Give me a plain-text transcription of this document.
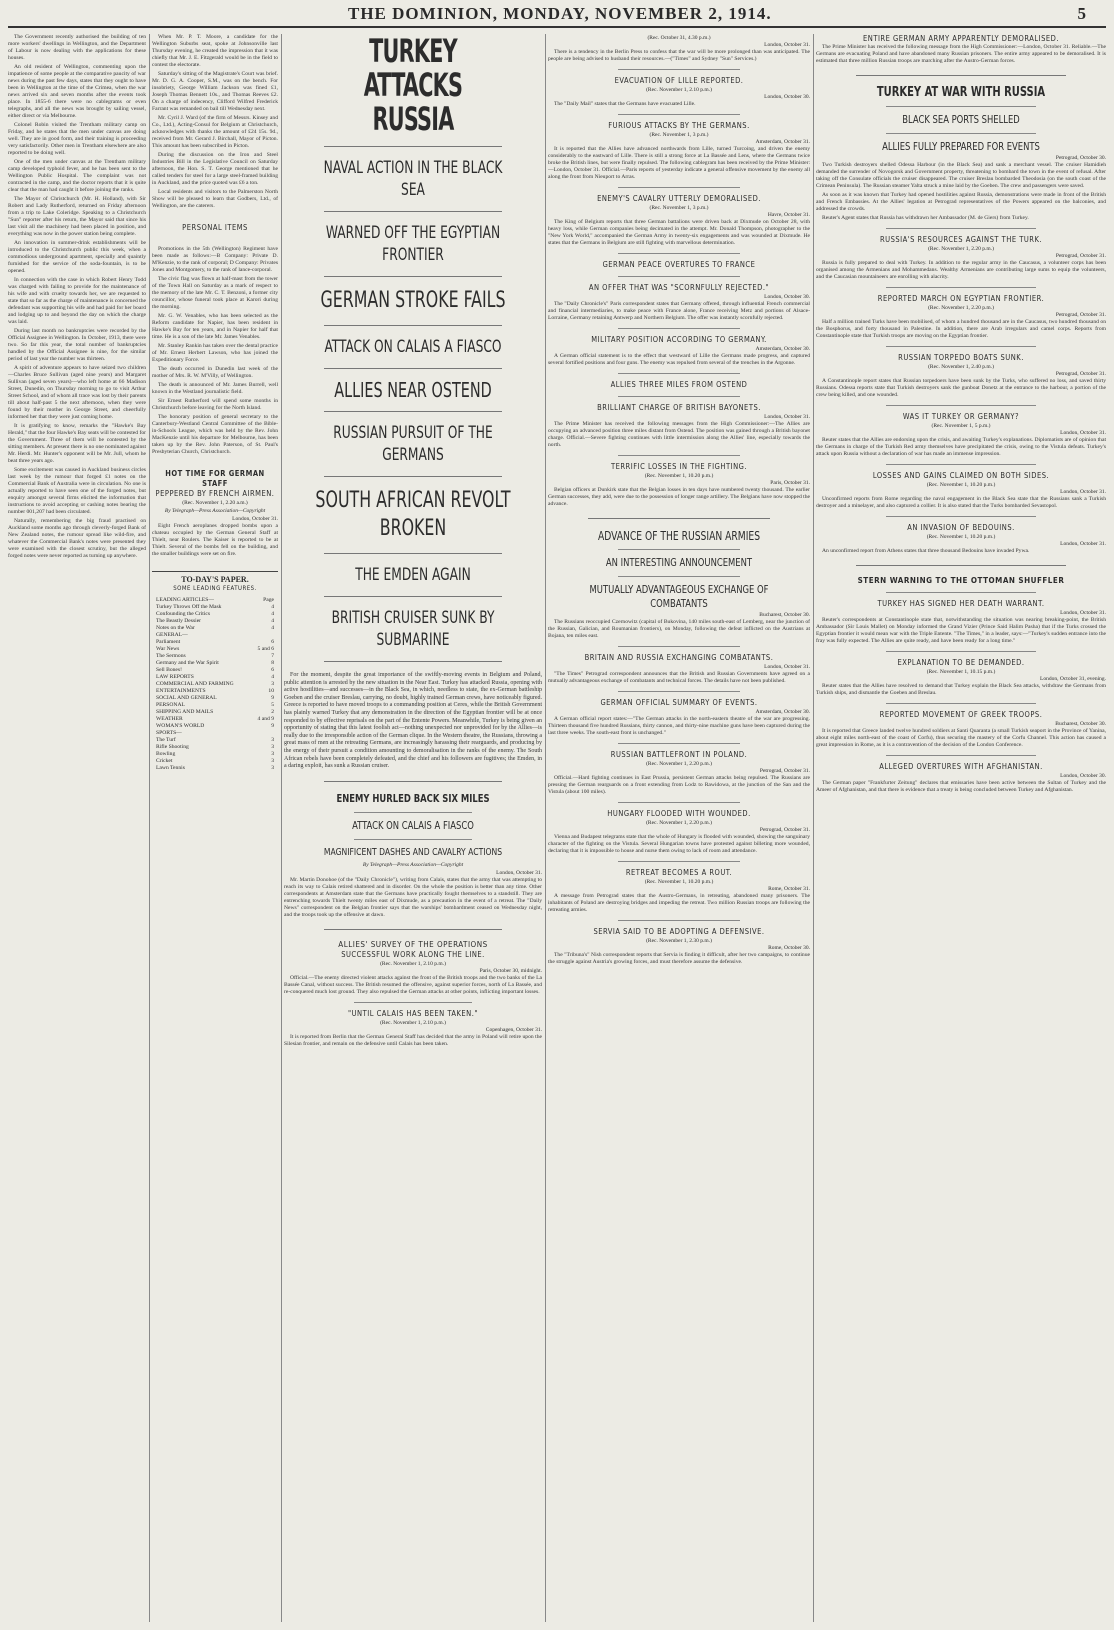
THE DOMINION, MONDAY, NOVEMBER 2, 1914.	5

The Government recently authorised the building of ten more workers' dwellings in Wellington, and the Department of Labour is now dealing with the applications for these houses.

An old resident of Wellington, commenting upon the impatience of some people at the comparative paucity of war news during the past few days, states that they ought to have been in Wellington at the time of the Crimea, when the war news arrived six and seven months after the events took place. In 1855-6 there were no cablegrams or even telegraphs, and all the news was brought by sailing vessel, either direct or via Melbourne.

Colonel Robin visited the Trentham military camp on Friday, and he states that the men under canvas are doing well. They are in good form, and their training is proceeding very satisfactorily. Other men in Trentham elsewhere are also reported to be doing well.

One of the men under canvas at the Trentham military camp developed typhoid fever, and he has been sent to the Wellington Public Hospital. The complaint was not contracted in the camp, and the doctor reports that it is quite clear that the man had caught it before joining the ranks.

The Mayor of Christchurch (Mr. H. Holland), with Sir Robert and Lady Rutherford, returned on Friday afternoon from a trip to Lake Coleridge. Speaking to a Christchurch "Sun" reporter after his return, the Mayor said that since his last visit all the machinery had been placed in position, and everything was now in the power station being complete.

An innovation in summer-drink establishments will be introduced to the Christchurch public this week, when a commodious underground apartment, specially and quaintly furnished for the service of the soda-fountain, is to be opened.

In connection with the case in which Robert Henry Todd was charged with failing to provide for the maintenance of his wife and with cruelty towards her, we are requested to state that so far as the charge of maintenance is concerned the defendant was supporting his wife and had paid for her board and lodging up to and beyond the day on which the charge was laid.

During last month no bankruptcies were recorded by the Official Assignee in Wellington. In October, 1913, there were two. So far this year, the total number of bankruptcies handled by the Official Assignee is nine, for the similar period of last year the number was thirteen.

A spirit of adventure appears to have seized two children—Charles Bruce Sullivan (aged nine years) and Margaret Sullivan (aged seven years)—who left home at 66 Madison Street, Dunedin, on Thursday morning to go to visit Arthur Street School, and of whom all trace was lost by their parents till about half-past 5 the next afternoon, when they were found by their mother in George Street, and cheerfully informed her that they were just coming home.

It is gratifying to know, remarks the "Hawke's Bay Herald," that the four Hawke's Bay seats will be contested for the Government. Three of them will be contested by the sitting members. At present there is no one nominated against Mr. Herdi. Mr. Hunter's opponent will be Mr. Jull, whom he beat three years ago.

Some excitement was caused in Auckland business circles last week by the rumour that forged £1 notes on the Commercial Bank of Australia were in circulation. No one is actually reported to have seen one of the forged notes, but enquiry amongst several firms elicited the information that instructions to avoid accepting or cashing notes bearing the number 001,207 had been circulated.

Naturally, remembering the big fraud practised on Auckland some months ago through cleverly-forged Bank of New Zealand notes, the rumour spread like wild-fire, and whatever the Commercial Bank's notes were presented they were examined with the closest scrutiny, but the alleged forged notes were never reported as turning up anywhere.

When Mr. P. T. Moore, a candidate for the Wellington Suburbs seat, spoke at Johnsonville last Thursday evening, he created the impression that it was chiefly that Mr. J. E. Fitzgerald would be in the field to contest the electorate.

Saturday's sitting of the Magistrate's Court was brief. Mr. D. G. A. Cooper, S.M., was on the bench. For insobriety, George William Jackson was fined £1, Joseph Thomas Bennett 10s., and Thomas Reeves £2. On a charge of indecency, Clifford Wilfred Frederick Farrant was remanded on bail till Wednesday next.

Mr. Cyril J. Ward (of the firm of Messrs. Kinsey and Co., Ltd.), Acting-Consul for Belgium at Christchurch, acknowledges with thanks the amount of £24 15s. 9d., received from Mr. Gerard J. Birchall, Mayor of Picton. This amount has been subscribed in Picton.

During the discussion on the Iron and Steel Industries Bill in the Legislative Council on Saturday afternoon, the Hon. S. T. George mentioned that he called tenders for steel for a large steel-framed building in Auckland, and the price quoted was £6 a ton.

Local residents and visitors to the Palmerston North Show will be pleased to learn that Godbers, Ltd., of Wellington, are the caterers.

PERSONAL ITEMS

Promotions in the 5th (Wellington) Regiment have been made as follows:—B Company: Private D. M'Kenzie, to the rank of corporal; D Company: Privates Jones and Montgomery, to the rank of lance-corporal.

The civic flag was flown at half-mast from the tower of the Town Hall on Saturday as a mark of respect to the memory of the late Mr. C. T. Benzoni, a former city councillor, whose funeral took place at Karori during the morning.

Mr. G. W. Venables, who has been selected as the Reform candidate for Napier, has been resident in Hawke's Bay for ten years, and in Napier for half that time. He is a son of the late Mr. James Venables.

Mr. Stanley Rankin has taken over the dental practice of Mr. Ernest Herbert Lawson, who has joined the Expeditionary Force.

The death occurred in Dunedin last week of the mother of Mrs. R. W. M'Villy, of Wellington.

The death is announced of Mr. James Burrell, well known in the Westland journalistic field.

Sir Ernest Rutherford will spend some months in Christchurch before leaving for the North Island.

The honorary position of general secretary to the Canterbury-Westland Central Committee of the Bible-in-Schools League, which was held by the Rev. John MacKenzie until his departure for Melbourne, has been taken up by the Rev. John Paterson, of St. Paul's Presbyterian Church, Christchurch.

HOT TIME FOR GERMAN STAFF
PEPPERED BY FRENCH AIRMEN.
(Rec. November 1, 2.20 a.m.)
By Telegraph—Press Association—Copyright
London, October 31.

Eight French aeroplanes dropped bombs upon a chateau occupied by the German General Staff at Thielt, near Roulers. The Kaiser is reported to be at Thielt. Several of the bombs fell on the building, and the smaller buildings were set on fire.

TO-DAY'S PAPER.
SOME LEADING FEATURES.
LEADING ARTICLES—	Page
Turkey Throws Off the Mask	4
Confounding the Critics	4
The Beastly Dessier	4
Notes on the War	4
GENERAL—
Parliament	6
War News	5 and 6
The Sermons	7
Germany and the War Spirit	8
Sell Bones!	6
LAW REPORTS	4
COMMERCIAL AND FARMING	3
ENTERTAINMENTS	10
SOCIAL AND GENERAL	9
PERSONAL	5
SHIPPING AND MAILS	2
WEATHER	4 and 9
WOMAN'S WORLD	9
SPORTS—
The Turf	3
Rifle Shooting	3
Bowling	3
Cricket	3
Lawn Tennis	3
TURKEY ATTACKS RUSSIA
NAVAL ACTION IN THE BLACK SEA
WARNED OFF THE EGYPTIAN FRONTIER
GERMAN STROKE FAILS
ATTACK ON CALAIS A FIASCO
ALLIES NEAR OSTEND
RUSSIAN PURSUIT OF THE GERMANS
SOUTH AFRICAN REVOLT BROKEN
THE EMDEN AGAIN
BRITISH CRUISER SUNK BY SUBMARINE

For the moment, despite the great importance of the swiftly-moving events in Belgium and Poland, public attention is arrested by the new situation in the Near East. Turkey has attacked Russia, opening with active hostilities—and successes—in the Black Sea, in which, needless to state, the ex-German battleship Goeben and the cruiser Breslau, carrying, no doubt, highly trained German crews, have noticeably figured. Greece is reported to have moved troops to a commanding position at Ceres, while the British Government has plainly warned Turkey that any demonstration in the direction of the Egyptian frontier will be at once responded to by effective reprisals on the part of the Entente Powers. Meanwhile, Turkey is being given an opportunity of stating that this latest foolish act—nothing unexpected nor unprovided for by the Allies—is really due to the irresponsible action of the German clique. In the Western theatre, the Russians, throwing a great mass of men at the retreating Germans, are increasingly harassing their rearguards, and producing by the energy of their pursuit a condition amounting to demoralisation in the ranks of the enemy. The South African rebels have been completely defeated, and the chief and his followers are fugitives; the Emden, in a daring exploit, has sunk a Russian cruiser.

ENEMY HURLED BACK SIX MILES
ATTACK ON CALAIS A FIASCO
MAGNIFICENT DASHES AND CAVALRY ACTIONS
By Telegraph—Press Association—Copyright
London, October 31.

Mr. Martin Donohoe (of the "Daily Chronicle"), writing from Calais, states that the army that was attempting to reach its way to Calais retired shattered and in disorder. On the whole the position is better than any time. Other correspondents at Amsterdam state that the Germans have practically fought themselves to a standstill. They are entrenching towards Thielt twenty miles east of Dixmude, as a precaution in the event of a retreat. The "Daily News" correspondent on the Belgian frontier says that the warships' bombardment ceased on Wednesday night, and the troops took up the offensive at dawn.

ALLIES' SURVEY OF THE OPERATIONS
SUCCESSFUL WORK ALONG THE LINE.
(Rec. November 1, 2.10 p.m.)
Paris, October 30, midnight.

Official.—The enemy directed violent attacks against the front of the British troops and the two banks of the La Bassée Canal, without success. The British resumed the offensive, against superior forces, north of La Bassée, and re-conquered much lost ground. They also repulsed the German attacks at other points, inflicting important losses.

"UNTIL CALAIS HAS BEEN TAKEN."
(Rec. November 1, 2.10 p.m.)
Copenhagen, October 31.

It is reported from Berlin that the German General Staff has decided that the army in Poland will retire upon the Silesian frontier, and remain on the defensive until Calais has been taken.

(Rec. October 31, 4.30 p.m.)
London, October 31.

There is a tendency in the Berlin Press to confess that the war will be more prolonged than was anticipated. The people are being advised to husband their resources.—("Times" and Sydney "Sun" Services.)

EVACUATION OF LILLE REPORTED.
(Rec. November 1, 2.10 p.m.)
London, October 30.

The "Daily Mail" states that the Germans have evacuated Lille.

FURIOUS ATTACKS BY THE GERMANS.
(Rec. November 1, 3 p.m.)
Amsterdam, October 31.

It is reported that the Allies have advanced northwards from Lille, turned Turcoing, and driven the enemy considerably to the eastward of Lille. There is still a strong force at La Bassée and Lens, where the Germans twice broke the British lines, but were finally repulsed. The following cablegram has been received by the Prime Minister:—London, October 31. Official.—Paris reports of yesterday indicate a general offensive movement by the enemy all along the front from Nieuport to Arras.

ENEMY'S CAVALRY UTTERLY DEMORALISED.
(Rec. November 1, 3 p.m.)
Havre, October 31.

The King of Belgium reports that three German battalions were driven back at Dixmude on October 28, with heavy loss, while German companies being decimated in the attempt. Mr. Donald Thompson, photographer to the "New York World," accompanied the German Army in twenty-six engagements and was wounded at Dixmude. He states that the Germans in Belgium are still fighting with marvellous determination.

GERMAN PEACE OVERTURES TO FRANCE
AN OFFER THAT WAS "SCORNFULLY REJECTED."
London, October 30.

The "Daily Chronicle's" Paris correspondent states that Germany offered, through influential French commercial and financial intermediaries, to make peace with France alone, France receiving Metz and portions of Alsace-Lorraine, Germany retaining Antwerp and Northern Belgium. The offer was instantly scornfully rejected.

MILITARY POSITION ACCORDING TO GERMANY.
Amsterdam, October 30.

A German official statement is to the effect that westward of Lille the Germans made progress, and captured several fortified positions and four guns. The enemy was repulsed from several of the trenches in the Argonne.

ALLIES THREE MILES FROM OSTEND
BRILLIANT CHARGE OF BRITISH BAYONETS.
London, October 31.

The Prime Minister has received the following messages from the High Commissioner:—The Allies are occupying an advanced position three miles distant from Ostend. The position was gained through a British bayonet charge. Official.—Severe fighting continues with little intermission along the Allies' line, especially towards the north.

TERRIFIC LOSSES IN THE FIGHTING.
(Rec. November 1, 10.20 p.m.)
Paris, October 31.

Belgian officers at Dunkirk state that the Belgian losses in ten days have numbered twenty thousand. The earlier German successes, they add, were due to the possession of longer range artillery. The Belgians have now stopped the advance.

ADVANCE OF THE RUSSIAN ARMIES
AN INTERESTING ANNOUNCEMENT
MUTUALLY ADVANTAGEOUS EXCHANGE OF COMBATANTS
Bucharest, October 30.

The Russians reoccupied Czernowitz (capital of Bukovina, 140 miles south-east of Lemberg, near the junction of the Russian, Galician, and Roumanian frontiers), on Monday, following the defeat inflicted on the Austrians at Bojana, ten miles east.

BRITAIN AND RUSSIA EXCHANGING COMBATANTS.
London, October 31.

"The Times" Petrograd correspondent announces that the British and Russian Governments have agreed on a mutually advantageous exchange of combatants and technical forces. The details have not been published.

GERMAN OFFICIAL SUMMARY OF EVENTS.
Amsterdam, October 30.

A German official report states:—"The German attacks in the north-eastern theatre of the war are progressing. Thirteen thousand five hundred Russians, thirty cannon, and thirty-nine machine guns have been captured during the last three weeks. The south-east front is unchanged."

RUSSIAN BATTLEFRONT IN POLAND.
(Rec. November 1, 2.20 p.m.)
Petrograd, October 31.

Official.—Hard fighting continues in East Prussia, persistent German attacks being repulsed. The Russians are pressing the German rearguards on a front extending from Lodz to Rawidowa, at the junction of the San and the Vistula (about 100 miles).

HUNGARY FLOODED WITH WOUNDED.
(Rec. November 1, 2.20 p.m.)
Petrograd, October 31.

Vienna and Budapest telegrams state that the whole of Hungary is flooded with wounded, showing the sanguinary character of the fighting on the Vistula. Several Hungarian towns have protested against billeting more wounded, declaring that it is impossible to house and nurse them owing to lack of room and attendance.

RETREAT BECOMES A ROUT.
(Rec. November 1, 10.20 p.m.)
Rome, October 31.

A message from Petrograd states that the Austro-Germans, in retreating, abandoned many prisoners. The inhabitants of Poland are destroying bridges and impeding the retreat. Two million Russian troops are following the retreating armies.

SERVIA SAID TO BE ADOPTING A DEFENSIVE.
(Rec. November 1, 2.30 p.m.)
Rome, October 30.

The "Tribuna's" Nish correspondent reports that Servia is finding it difficult, after her two campaigns, to continue the struggle against Austria's growing forces, and must therefore assume the defensive.

ENTIRE GERMAN ARMY APPARENTLY DEMORALISED.

The Prime Minister has received the following message from the High Commissioner:—London, October 31. Reliable.—The Germans are evacuating Poland and have abandoned many Russian prisoners. The entire army appeared to be demoralised. It is estimated that three million Russian troops are marching after the Austro-German forces.

TURKEY AT WAR WITH RUSSIA
BLACK SEA PORTS SHELLED
ALLIES FULLY PREPARED FOR EVENTS
Petrograd, October 30.

Two Turkish destroyers shelled Odessa Harbour (in the Black Sea) and sank a merchant vessel. The cruiser Hamidieh demanded the surrender of Novogorsk and Government property, threatening to bombard the town in the event of refusal. After taking off the Consulate officials the cruiser disappeared. The cruiser Breslau bombarded Theodosia (on the south coast of the Crimean Peninsula). The Russian steamer Yalta struck a mine laid by the Goeben. The crew and passengers were saved.

As soon as it was known that Turkey had opened hostilities against Russia, demonstrations were made in front of the British and French Embassies. At the Allies' legation at Petrograd representatives of the Powers appeared on the balconies, and addressed the crowds.

Reuter's Agent states that Russia has withdrawn her Ambassador (M. de Giers) from Turkey.

RUSSIA'S RESOURCES AGAINST THE TURK.
(Rec. November 1, 2.20 p.m.)
Petrograd, October 31.

Russia is fully prepared to deal with Turkey. In addition to the regular army in the Caucasus, a volunteer corps has been organised among the Armenians and Mohammedans. Wealthy Armenians are contributing large sums to equip the volunteers, and the Caucasian mountaineers are enrolling with alacrity.

REPORTED MARCH ON EGYPTIAN FRONTIER.
(Rec. November 1, 2.20 p.m.)
Petrograd, October 31.

Half a million trained Turks have been mobilised, of whom a hundred thousand are in the Caucasus, two hundred thousand on the Bosphorus, and forty thousand in Palestine. In addition, there are Arab irregulars and camel corps. Reports from Constantinople state that Turkish troops are moving on the Egyptian frontier.

RUSSIAN TORPEDO BOATS SUNK.
(Rec. November 1, 2.40 p.m.)
Petrograd, October 31.

A Constantinople report states that Russian torpedoers have been sunk by the Turks, who suffered no loss, and saved thirty Russians. Odessa reports state that Turkish destroyers sank the gunboat Donetz at the entrance to the harbour, a portion of the crew being killed, and one wounded.

WAS IT TURKEY OR GERMANY?
(Rec. November 1, 5 p.m.)
London, October 31.

Reuter states that the Allies are endorsing upon the crisis, and awaiting Turkey's explanations. Diplomatists are of opinion that the Germans in charge of the Turkish Red army themselves have precipitated the crisis, owing to the Vistula defeats. Turkey's attack upon Russia without a declaration of war has made an immense impression.

LOSSES AND GAINS CLAIMED ON BOTH SIDES.
(Rec. November 1, 10.20 p.m.)
London, October 31.

Unconfirmed reports from Rome regarding the naval engagement in the Black Sea state that the Russians sank a Turkish destroyer and a minelayer, and also captured a collier. It is also stated that the Turks bombarded Sevastopol.

AN INVASION OF BEDOUINS.
(Rec. November 1, 10.20 p.m.)
London, October 31.

An unconfirmed report from Athens states that three thousand Bedouins have invaded Pywa.

STERN WARNING TO THE OTTOMAN SHUFFLER
TURKEY HAS SIGNED HER DEATH WARRANT.
London, October 31.

Reuter's correspondents at Constantinople state that, notwithstanding the situation was nearing breaking-point, the British Ambassador (Sir Louis Mallet) on Monday informed the Grand Vizier (Prince Said Halim Pasha) that if the Turks crossed the Egyptian frontier it would mean war with the Triple Entente. "The Times," in a leader, says:—"Turkey's sudden entrance into the fray was fully expected. The Allies are quite ready, and have been ready for a long time."

EXPLANATION TO BE DEMANDED.
(Rec. November 1, 10.15 p.m.)
London, October 31, evening.

Reuter states that the Allies have resolved to demand that Turkey explain the Black Sea attacks, withdraw the Germans from Turkish ships, and dismantle the Goeben and Breslau.

REPORTED MOVEMENT OF GREEK TROOPS.
Bucharest, October 30.

It is reported that Greece landed twelve hundred soldiers at Santi Quaranta (a small Turkish seaport in the Province of Yanina, about eight miles north-east of the coast of Corfu), thus securing the mastery of the Corfu Channel. This action has caused a great impression in Rome, as it is a contravention of the decision of the London Conference.

ALLEGED OVERTURES WITH AFGHANISTAN.
London, October 30.

The German paper "Frankfurter Zeitung" declares that emissaries have been active between the Sultan of Turkey and the Ameer of Afghanistan, and that there is evidence that a treaty is being concluded between Turkey and Afghanistan.
